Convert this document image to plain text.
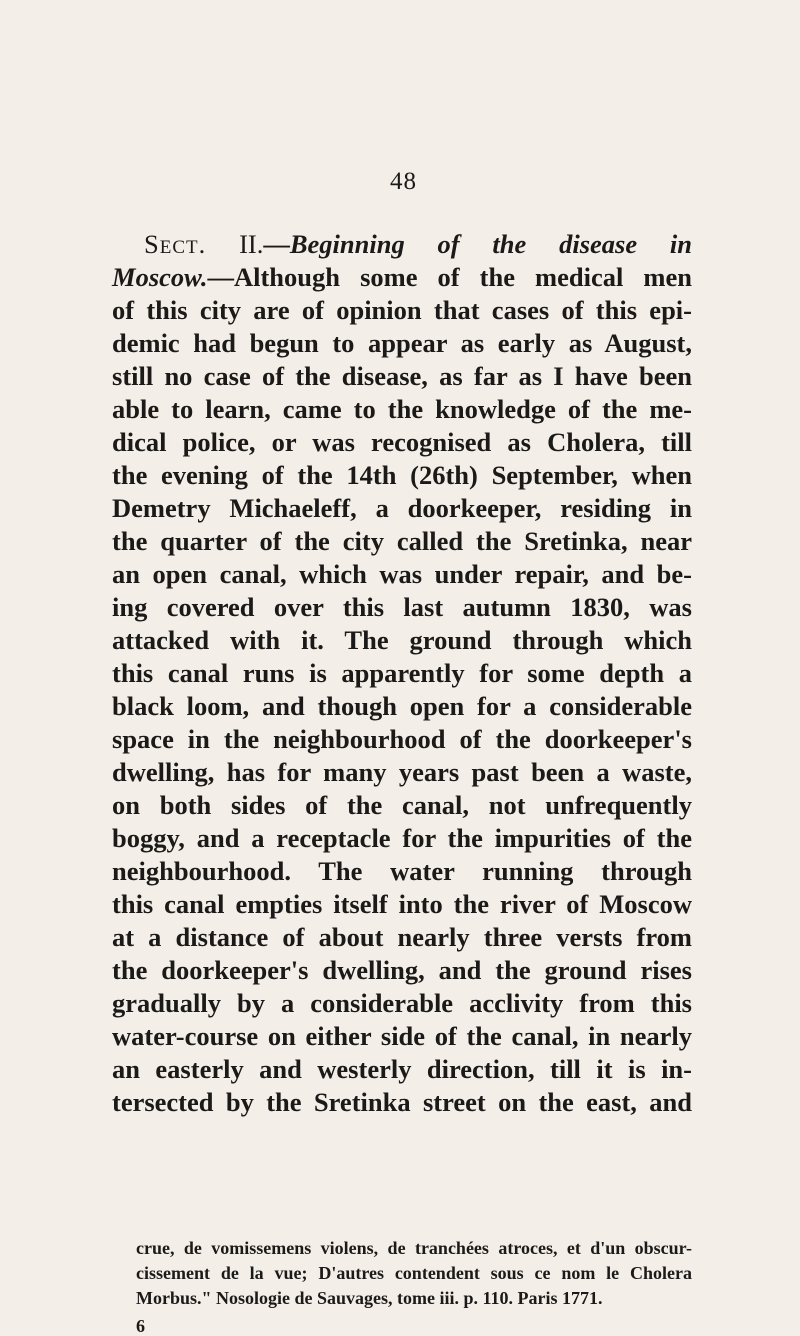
48
Sect. II.—Beginning of the disease in
Moscow.—Although some of the medical men
of this city are of opinion that cases of this epi-
demic had begun to appear as early as August,
still no case of the disease, as far as I have been
able to learn, came to the knowledge of the me-
dical police, or was recognised as Cholera, till
the evening of the 14th (26th) September, when
Demetry Michaeleff, a doorkeeper, residing in
the quarter of the city called the Sretinka, near
an open canal, which was under repair, and be-
ing covered over this last autumn 1830, was
attacked with it. The ground through which
this canal runs is apparently for some depth a
black loom, and though open for a considerable
space in the neighbourhood of the doorkeeper's
dwelling, has for many years past been a waste,
on both sides of the canal, not unfrequently
boggy, and a receptacle for the impurities of the
neighbourhood. The water running through
this canal empties itself into the river of Moscow
at a distance of about nearly three versts from
the doorkeeper's dwelling, and the ground rises
gradually by a considerable acclivity from this
water-course on either side of the canal, in nearly
an easterly and westerly direction, till it is in-
tersected by the Sretinka street on the east, and
crue, de vomissemens violens, de tranchées atroces, et d'un obscur-
cissement de la vue; D'autres contendent sous ce nom le Cholera
Morbus." Nosologie de Sauvages, tome iii. p. 110. Paris 1771.
6
